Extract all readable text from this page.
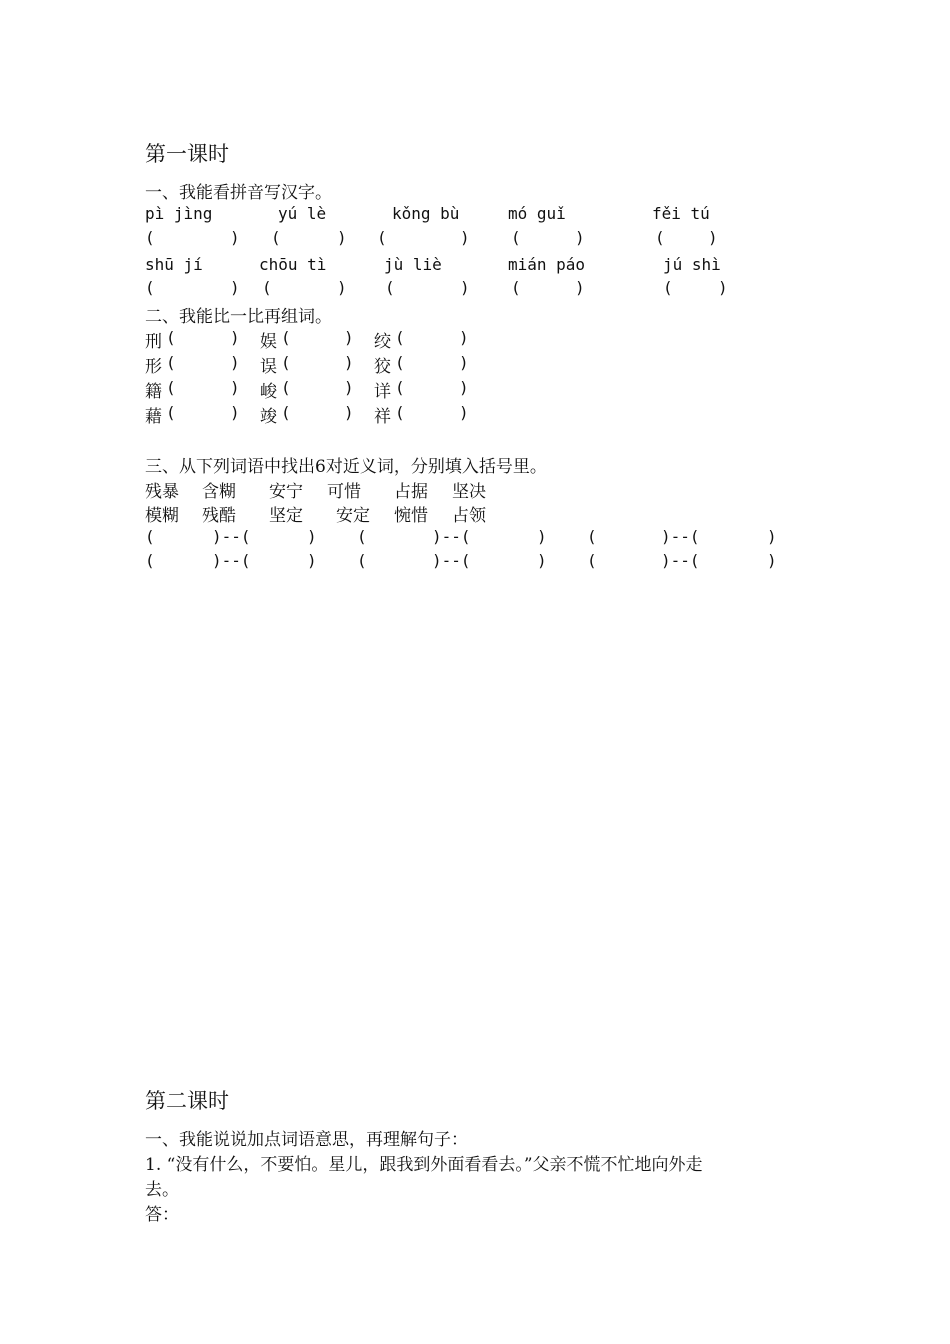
第一课时
一、我能看拼音写汉字。
pì jìng	yú lè	kǒng bù	mó guǐ	fěi tú
(	) (	) (	)	(	)	(	)
shū jí	chōu tì	jù liè	mián páo	jú shì
(	) (	) (	)	(	)	(	)
二、我能比一比再组词。
刑 (	) 娱 (	) 绞 (	)
形 (	) 误 (	) 狡 (	)
籍 (	) 峻 (	) 详 (	)
藉 (	) 竣 (	) 祥 (	)
三、从下列词语中找出6对近义词，分别填入括号里。
残暴 含糊 安宁 可惜 占据 坚决
模糊 残酷 坚定 安定 惋惜 占领
(	)--(	)	(	)--(	)	(	)--(	)
(	)--(	)	(	)--(	)	(	)--(	)
第二课时
一、我能说说加点词语意思，再理解句子：
1. “没有什么，不要怕。星儿，跟我到外面看看去。”父亲不慌不忙地向外走
去。
答：
